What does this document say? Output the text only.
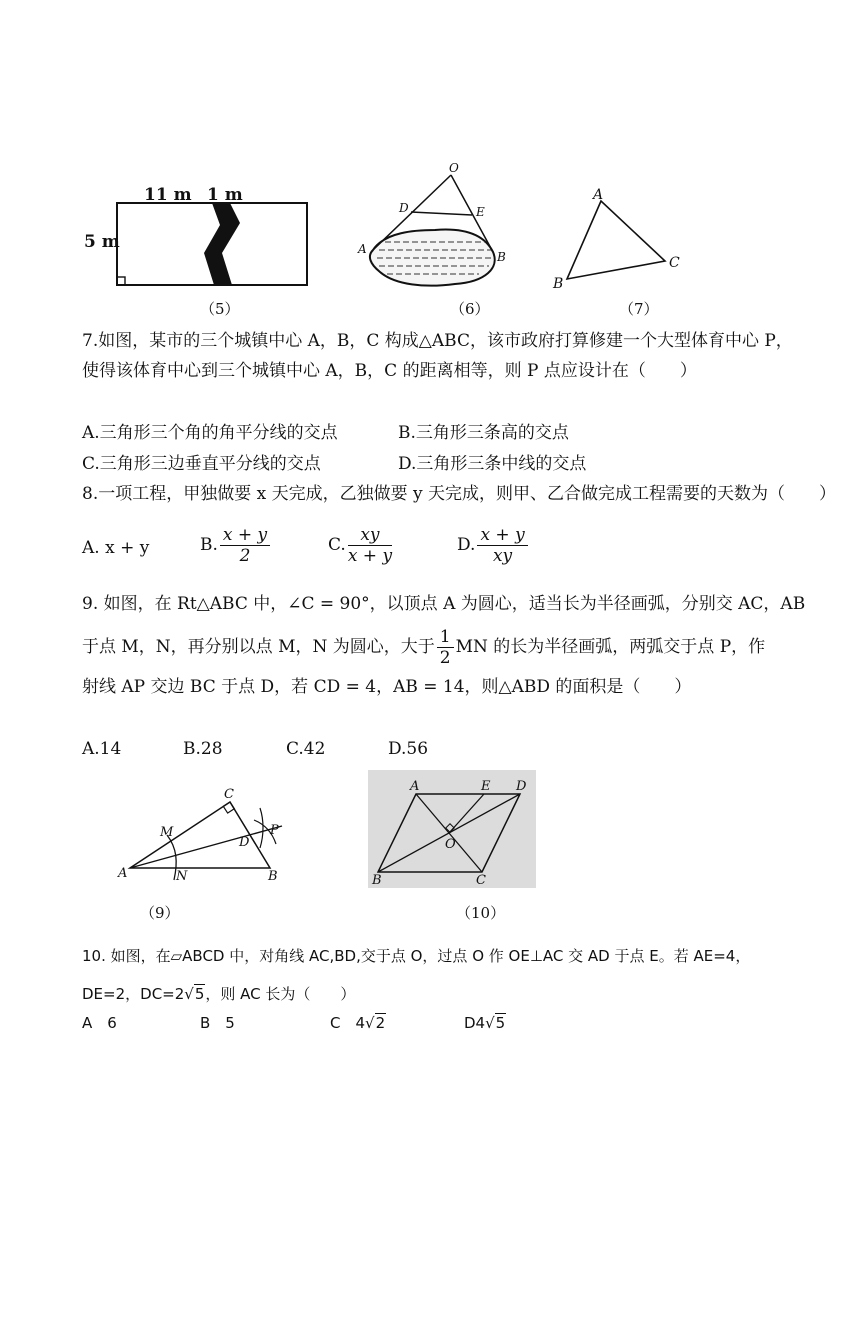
11 m 1 m
5 m
（5）
O
D	E
A
B
（6）
A
B
C
（7）
7.如图，某市的三个城镇中心 A，B，C 构成△ABC，该市政府打算修建一个大型体育中心 P，
使得该体育中心到三个城镇中心 A，B，C 的距离相等，则 P 点应设计在（　　）
A.三角形三个角的角平分线的交点	B.三角形三条高的交点
C.三角形三边垂直平分线的交点	D.三角形三条中线的交点
8.一项工程，甲独做要 x 天完成，乙独做要 y 天完成，则甲、乙合做完成工程需要的天数为（　　）
A. x + y	B. $\frac{x + y}{2}$	C. $\frac{xy}{x + y}$	D. $\frac{x + y}{xy}$
9. 如图，在 Rt△ABC 中，∠C = 90°，以顶点 A 为圆心，适当长为半径画弧，分别交 AC，AB
于点 M，N，再分别以点 M，N 为圆心，大于 $\frac{1}{2}$ MN 的长为半径画弧，两弧交于点 P，作
射线 AP 交边 BC 于点 D，若 CD = 4，AB = 14，则△ABD 的面积是（　　）
A.14	B.28	C.42	D.56
C
M
D
P
A	N	B
（9）
A	E D
O
B	C
（10）
10. 如图，在▱ABCD 中，对角线 AC,BD,交于点 O，过点 O 作 OE⊥AC 交 AD 于点 E。若 AE=4，
DE=2，DC=2√5，则 AC 长为（　　）
A　6	B　5	C　4√2	D4√5
